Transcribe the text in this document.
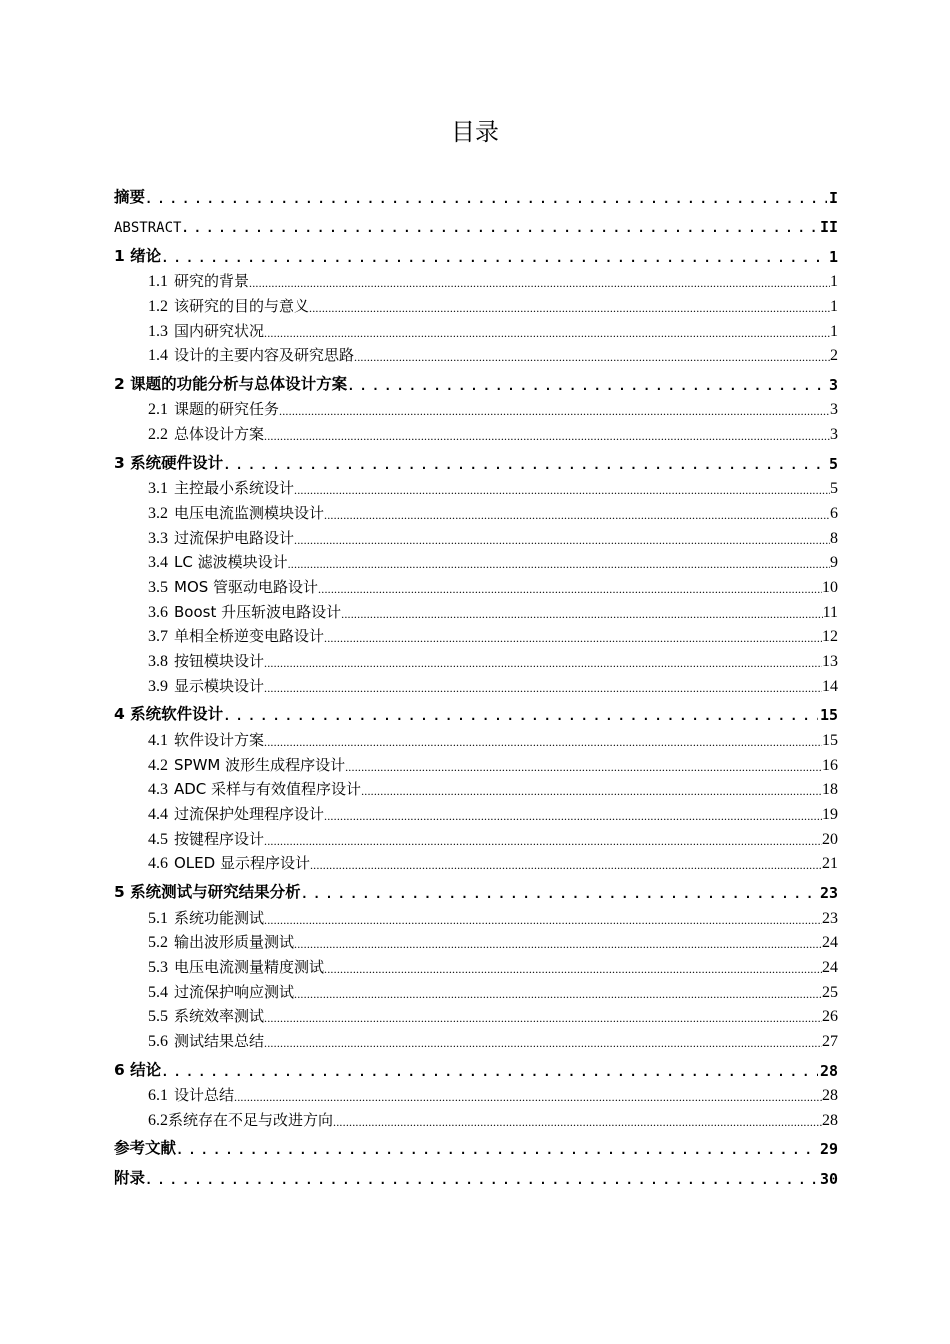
目录
摘要 .....	I
ABSTRACT .....	II
1 绪论 .....	1
1.1 研究的背景 .....	1
1.2 该研究的目的与意义 .....	1
1.3 国内研究状况 .....	1
1.4 设计的主要内容及研究思路 .....	2
2 课题的功能分析与总体设计方案 .....	3
2.1 课题的研究任务 .....	3
2.2 总体设计方案 .....	3
3 系统硬件设计 .....	5
3.1 主控最小系统设计 .....	5
3.2 电压电流监测模块设计 .....	6
3.3 过流保护电路设计 .....	8
3.4 LC 滤波模块设计 .....	9
3.5 MOS 管驱动电路设计 .....	10
3.6 Boost 升压斩波电路设计 .....	11
3.7 单相全桥逆变电路设计 .....	12
3.8 按钮模块设计 .....	13
3.9 显示模块设计 .....	14
4 系统软件设计 .....	15
4.1 软件设计方案 .....	15
4.2 SPWM 波形生成程序设计 .....	16
4.3 ADC 采样与有效值程序设计 .....	18
4.4 过流保护处理程序设计 .....	19
4.5 按键程序设计 .....	20
4.6 OLED 显示程序设计 .....	21
5 系统测试与研究结果分析 .....	23
5.1 系统功能测试 .....	23
5.2 输出波形质量测试 .....	24
5.3 电压电流测量精度测试 .....	24
5.4 过流保护响应测试 .....	25
5.5 系统效率测试 .....	26
5.6 测试结果总结 .....	27
6 结论 .....	28
6.1 设计总结 .....	28
6.2系统存在不足与改进方向 .....	28
参考文献 .....	29
附录 .....	30
